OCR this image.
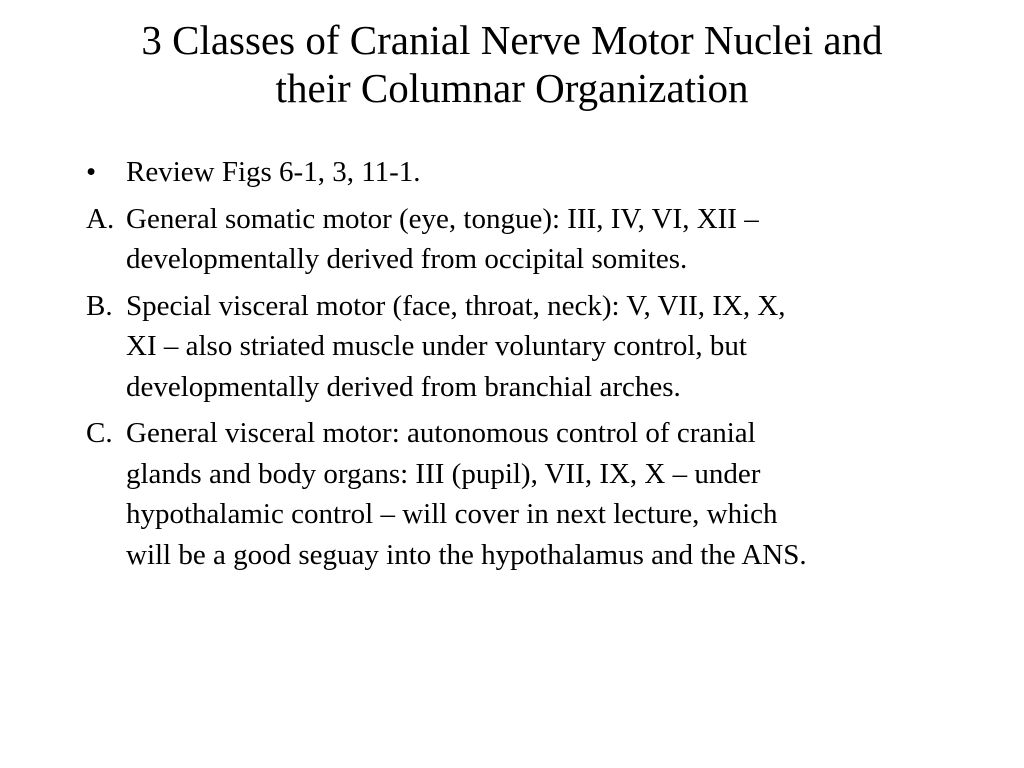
3 Classes of Cranial Nerve Motor Nuclei and
their Columnar Organization
•	Review Figs 6-1, 3, 11-1.
A. General somatic motor (eye, tongue): III, IV, VI, XII –
developmentally derived from occipital somites.
B. Special visceral motor (face, throat, neck): V, VII, IX, X,
XI – also striated muscle under voluntary control, but
developmentally derived from branchial arches.
C. General visceral motor: autonomous control of cranial
glands and body organs: III (pupil), VII, IX, X – under
hypothalamic control – will cover in next lecture, which
will be a good seguay into the hypothalamus and the ANS.
